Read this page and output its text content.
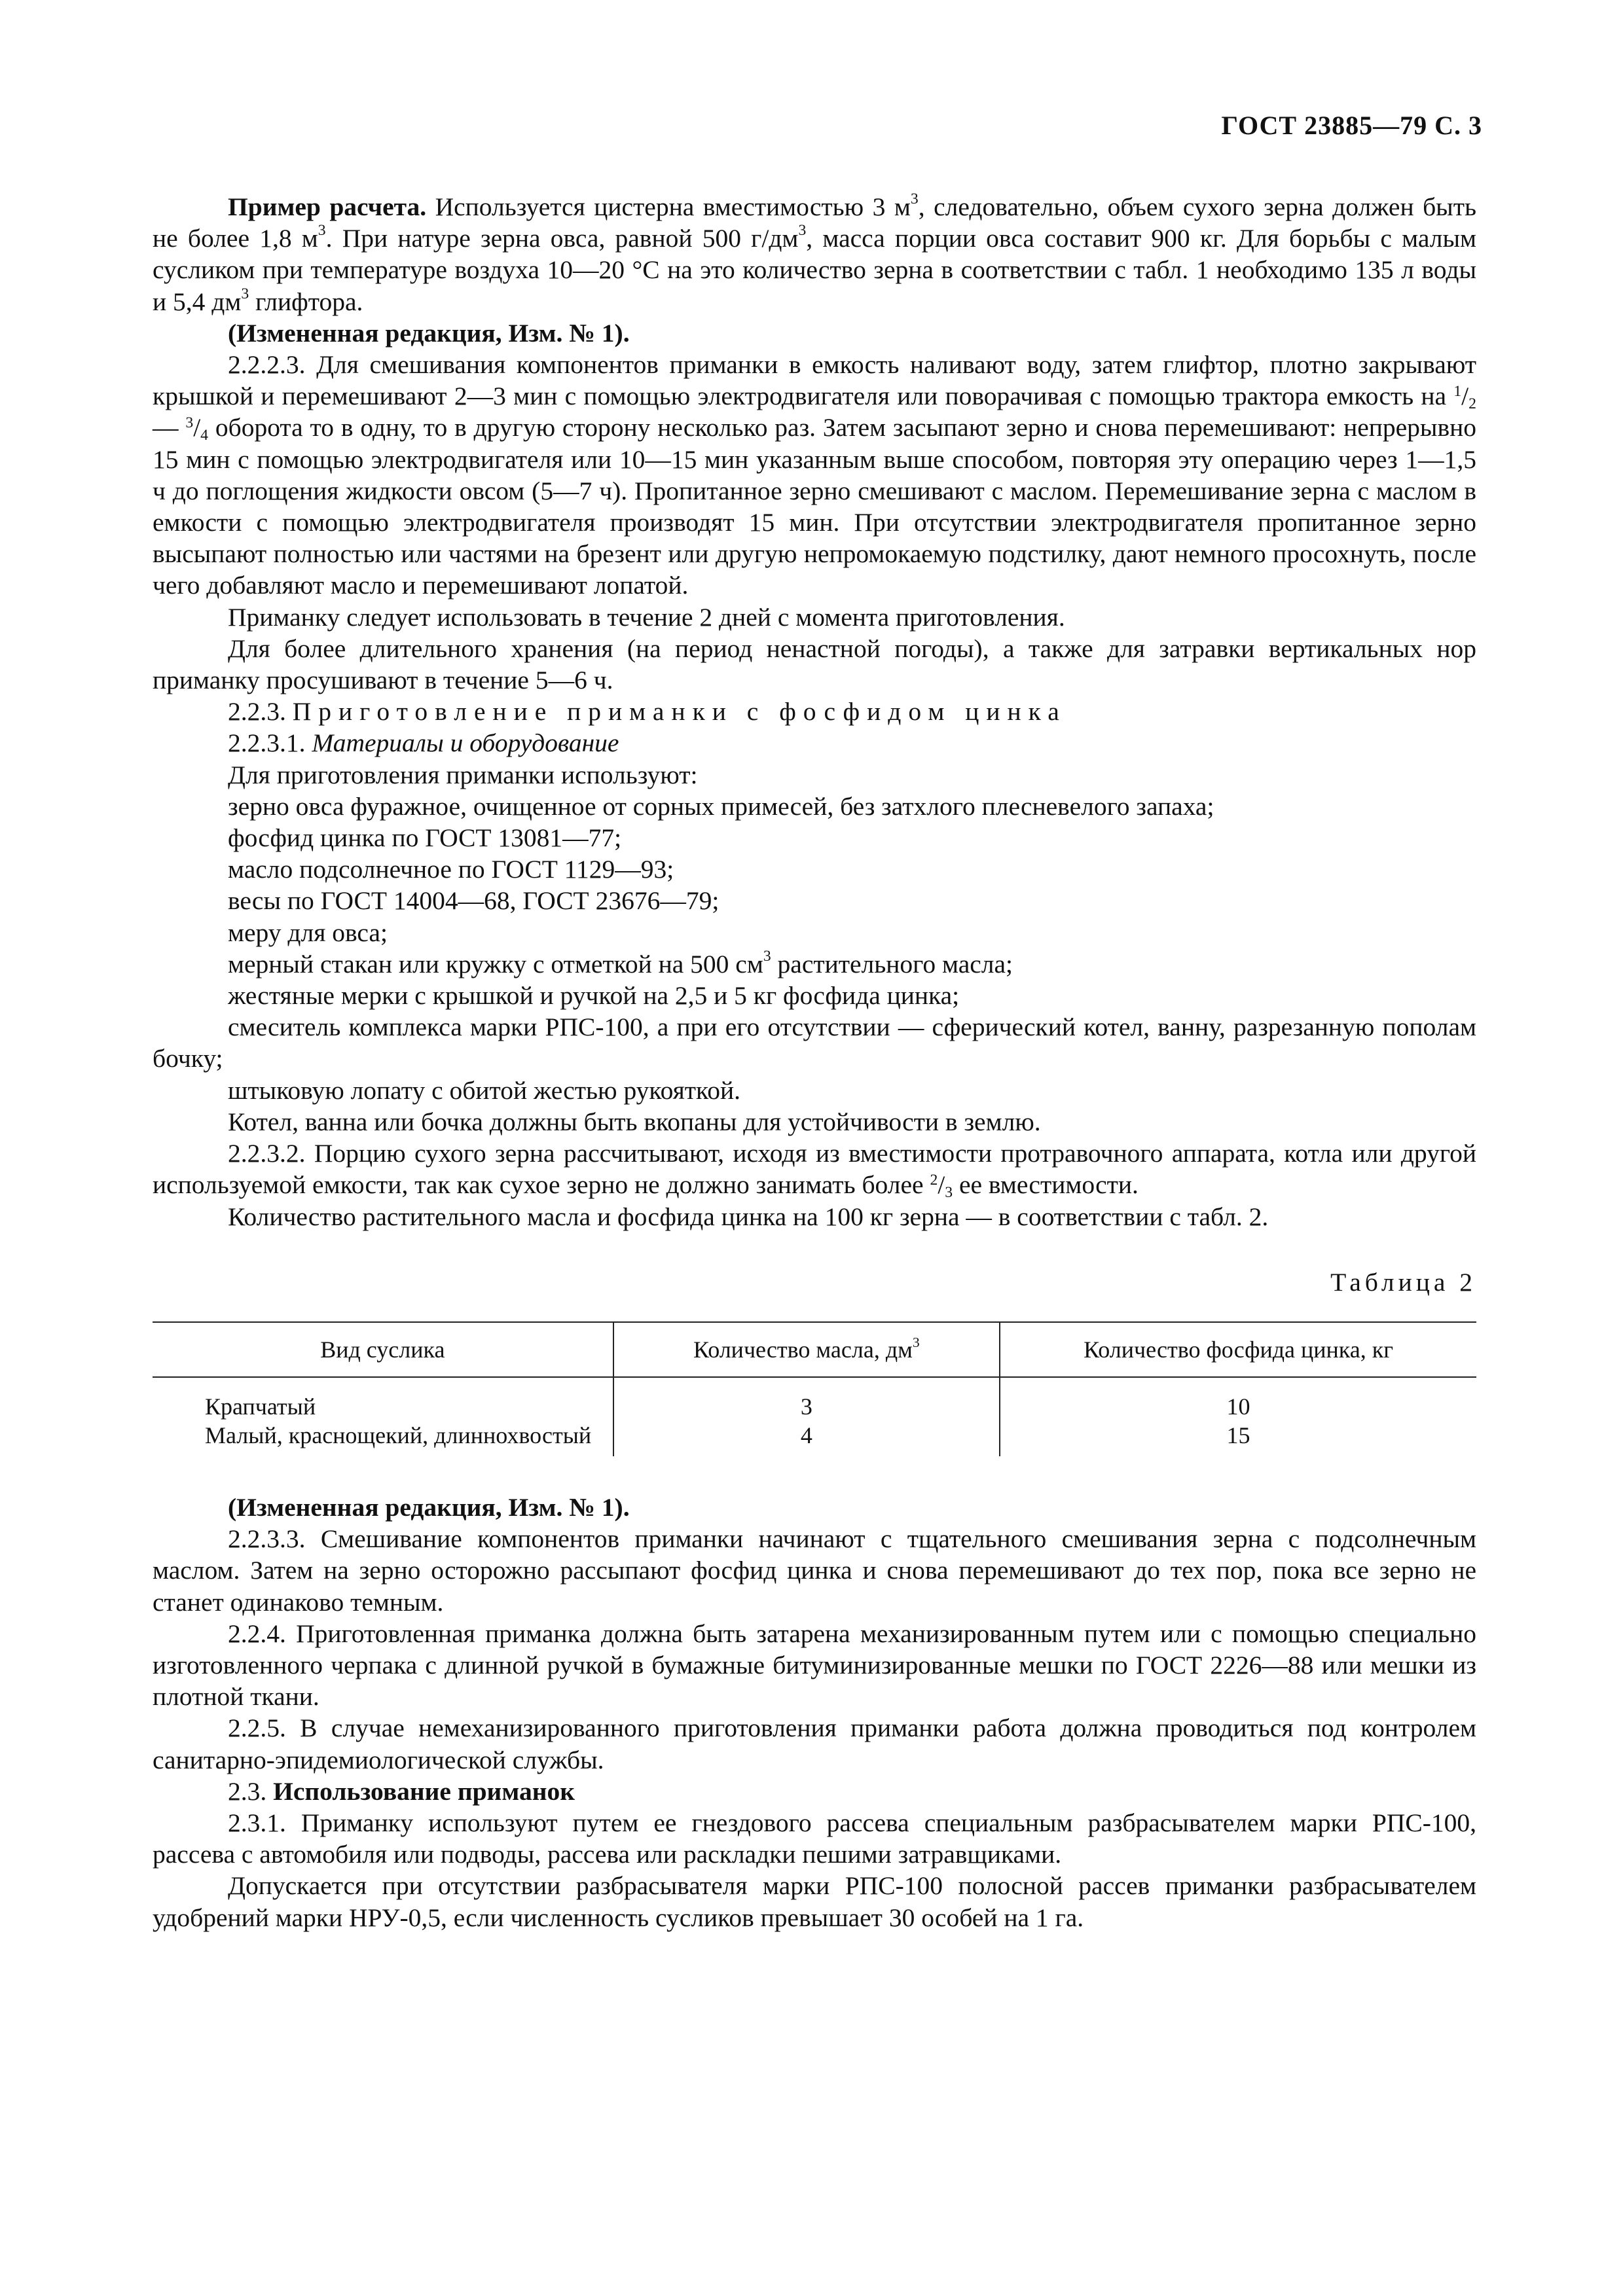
ГОСТ 23885—79 С. 3

Пример расчета. Используется цистерна вместимостью 3 $м^3$, следовательно, объем сухого зерна должен быть не более 1,8 $м^3$. При натуре зерна овса, равной 500 $г/дм^3$, масса порции овса составит 900 кг. Для борьбы с малым сусликом при температуре воздуха 10—20 °С на это количество зерна в соответствии с табл. 1 необходимо 135 л воды и 5,4 $дм^3$ глифтора.

(Измененная редакция, Изм. № 1).

2.2.2.3. Для смешивания компонентов приманки в емкость наливают воду, затем глифтор, плотно закрывают крышкой и перемешивают 2—3 мин с помощью электродвигателя или поворачивая с помощью трактора емкость на $^1/_2$ — $^3/_4$ оборота то в одну, то в другую сторону несколько раз. Затем засыпают зерно и снова перемешивают: непрерывно 15 мин с помощью электродвигателя или 10—15 мин указанным выше способом, повторяя эту операцию через 1—1,5 ч до поглощения жидкости овсом (5—7 ч). Пропитанное зерно смешивают с маслом. Перемешивание зерна с маслом в емкости с помощью электродвигателя производят 15 мин. При отсутствии электродвигателя пропитанное зерно высыпают полностью или частями на брезент или другую непромокаемую подстилку, дают немного просохнуть, после чего добавляют масло и перемешивают лопатой.

Приманку следует использовать в течение 2 дней с момента приготовления.

Для более длительного хранения (на период ненастной погоды), а также для затравки вертикальных нор приманку просушивают в течение 5—6 ч.

2.2.3. Приготовление приманки с фосфидом цинка

2.2.3.1. Материалы и оборудование

Для приготовления приманки используют:

зерно овса фуражное, очищенное от сорных примесей, без затхлого плесневелого запаха;

фосфид цинка по ГОСТ 13081—77;

масло подсолнечное по ГОСТ 1129—93;

весы по ГОСТ 14004—68, ГОСТ 23676—79;

меру для овса;

мерный стакан или кружку с отметкой на 500 $см^3$ растительного масла;

жестяные мерки с крышкой и ручкой на 2,5 и 5 кг фосфида цинка;

смеситель комплекса марки РПС-100, а при его отсутствии — сферический котел, ванну, разрезанную пополам бочку;

штыковую лопату с обитой жестью рукояткой.

Котел, ванна или бочка должны быть вкопаны для устойчивости в землю.

2.2.3.2. Порцию сухого зерна рассчитывают, исходя из вместимости протравочного аппарата, котла или другой используемой емкости, так как сухое зерно не должно занимать более $^2/_3$ ее вместимости.

Количество растительного масла и фосфида цинка на 100 кг зерна — в соответствии с табл. 2.

Таблица 2

Вид суслика	Количество масла, $дм^3$	Количество фосфида цинка, кг
Крапчатый	3	10
Малый, краснощекий, длиннохвостый	4	15

(Измененная редакция, Изм. № 1).

2.2.3.3. Смешивание компонентов приманки начинают с тщательного смешивания зерна с подсолнечным маслом. Затем на зерно осторожно рассыпают фосфид цинка и снова перемешивают до тех пор, пока все зерно не станет одинаково темным.

2.2.4. Приготовленная приманка должна быть затарена механизированным путем или с помощью специально изготовленного черпака с длинной ручкой в бумажные битуминизированные мешки по ГОСТ 2226—88 или мешки из плотной ткани.

2.2.5. В случае немеханизированного приготовления приманки работа должна проводиться под контролем санитарно-эпидемиологической службы.

2.3. Использование приманок

2.3.1. Приманку используют путем ее гнездового рассева специальным разбрасывателем марки РПС-100, рассева с автомобиля или подводы, рассева или раскладки пешими затравщиками.

Допускается при отсутствии разбрасывателя марки РПС-100 полосной рассев приманки разбрасывателем удобрений марки НРУ-0,5, если численность сусликов превышает 30 особей на 1 га.
